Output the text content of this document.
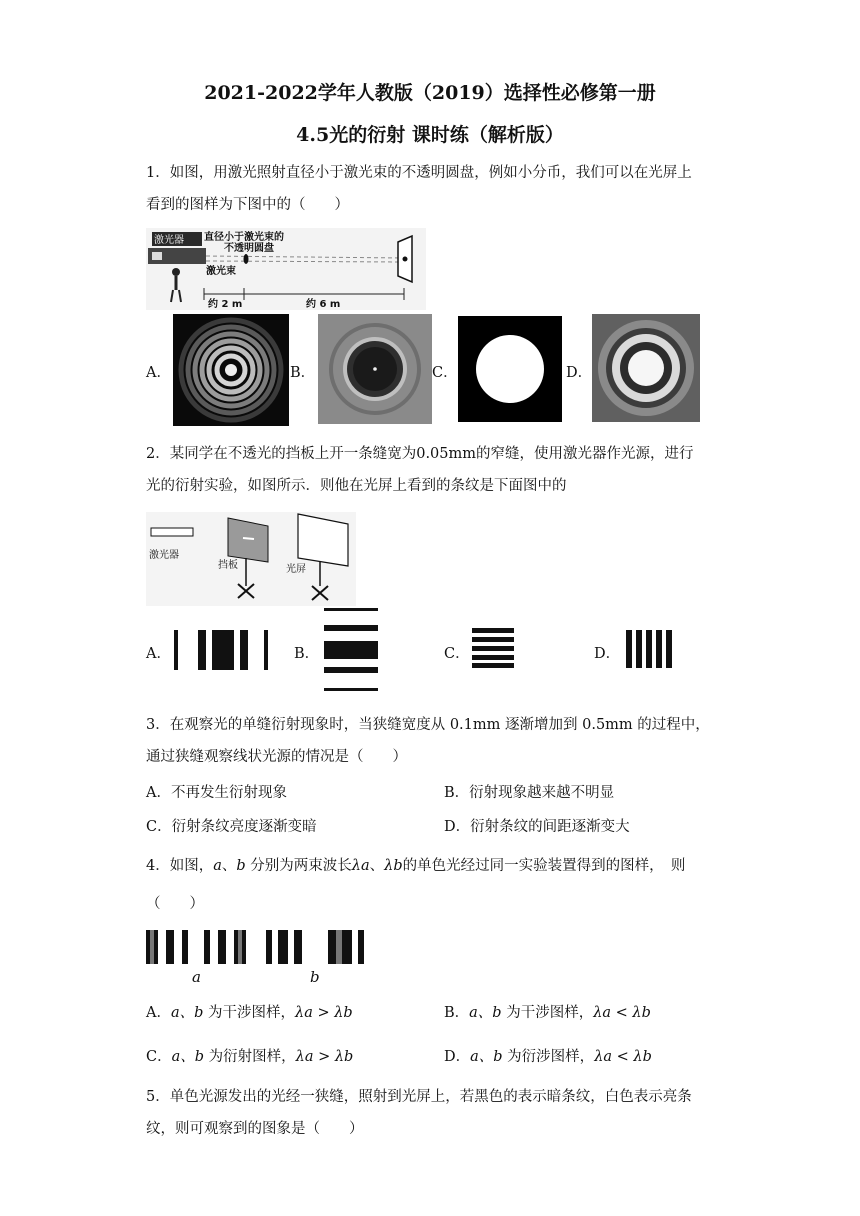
2021-2022学年人教版（2019）选择性必修第一册
4.5光的衍射 课时练（解析版）
1．如图，用激光照射直径小于激光束的不透明圆盘，例如小分币，我们可以在光屏上
看到的图样为下图中的（　　）
激光器 直径小于激光束的
不透明圆盘
激光束
约 2 m	约 6 m
A．	B．	C．	D．
2．某同学在不透光的挡板上开一条缝宽为0.05mm的窄缝，使用激光器作光源，进行
光的衍射实验，如图所示．则他在光屏上看到的条纹是下面图中的
激光器
挡板	光屏
A．	B．	C．	D．
3．在观察光的单缝衍射现象时，当狭缝宽度从 0.1mm 逐渐增加到 0.5mm 的过程中，
通过狭缝观察线状光源的情况是（　　）
A．不再发生衍射现象	B．衍射现象越来越不明显
C．衍射条纹亮度逐渐变暗	D．衍射条纹的间距逐渐变大
4．如图，a、b 分别为两束波长λa、λb的单色光经过同一实验装置得到的图样，　则
（　　）
a	b
A．a、b 为干涉图样，λa > λb	B．a、b 为干涉图样，λa < λb
C．a、b 为衍射图样，λa > λb	D．a、b 为衍涉图样，λa < λb
5．单色光源发出的光经一狭缝，照射到光屏上，若黑色的表示暗条纹，白色表示亮条
纹，则可观察到的图象是（　　）
